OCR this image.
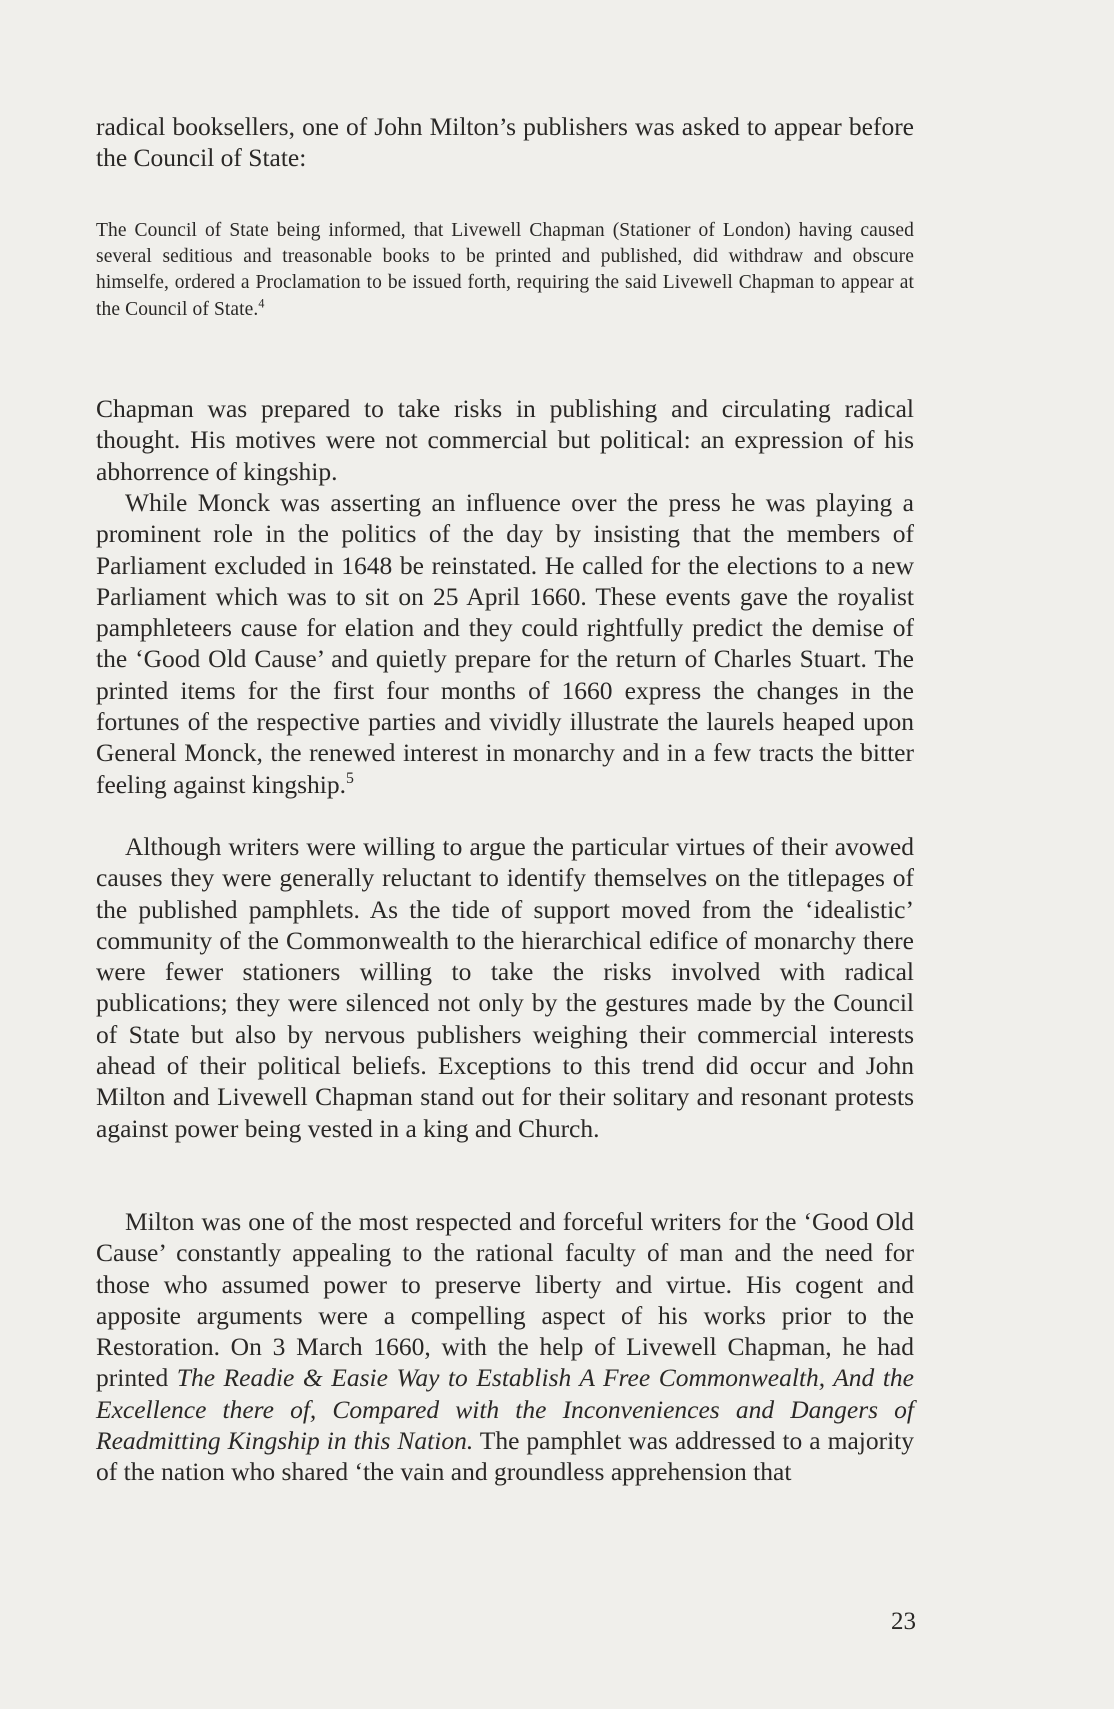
radical booksellers, one of John Milton’s publishers was asked to appear before the Council of State:

The Council of State being informed, that Livewell Chapman (Stationer of London) having caused several seditious and treasonable books to be printed and published, did withdraw and obscure himselfe, ordered a Proclamation to be issued forth, requiring the said Livewell Chapman to appear at the Council of State.$^4$

Chapman was prepared to take risks in publishing and circulating radical thought. His motives were not commercial but political: an expression of his abhorrence of kingship.

While Monck was asserting an influence over the press he was playing a prominent role in the politics of the day by insisting that the members of Parliament excluded in 1648 be reinstated. He called for the elections to a new Parliament which was to sit on 25 April 1660. These events gave the royalist pamphleteers cause for elation and they could rightfully predict the demise of the ‘Good Old Cause’ and quietly prepare for the return of Charles Stuart. The printed items for the first four months of 1660 express the changes in the fortunes of the respective parties and vividly illustrate the laurels heaped upon General Monck, the renewed interest in monarchy and in a few tracts the bitter feeling against kingship.$^5$

Although writers were willing to argue the particular virtues of their avowed causes they were generally reluctant to identify themselves on the titlepages of the published pamphlets. As the tide of support moved from the ‘idealistic’ community of the Commonwealth to the hierarchical edifice of monarchy there were fewer stationers willing to take the risks involved with radical publications; they were silenced not only by the gestures made by the Council of State but also by nervous publishers weighing their commercial interests ahead of their political beliefs. Exceptions to this trend did occur and John Milton and Livewell Chapman stand out for their solitary and resonant protests against power being vested in a king and Church.

Milton was one of the most respected and forceful writers for the ‘Good Old Cause’ constantly appealing to the rational faculty of man and the need for those who assumed power to preserve liberty and virtue. His cogent and apposite arguments were a compelling aspect of his works prior to the Restoration. On 3 March 1660, with the help of Livewell Chapman, he had printed The Readie & Easie Way to Establish A Free Commonwealth, And the Excellence there of, Compared with the Inconveniences and Dangers of Readmitting Kingship in this Nation. The pamphlet was addressed to a majority of the nation who shared ‘the vain and groundless apprehension that

23
